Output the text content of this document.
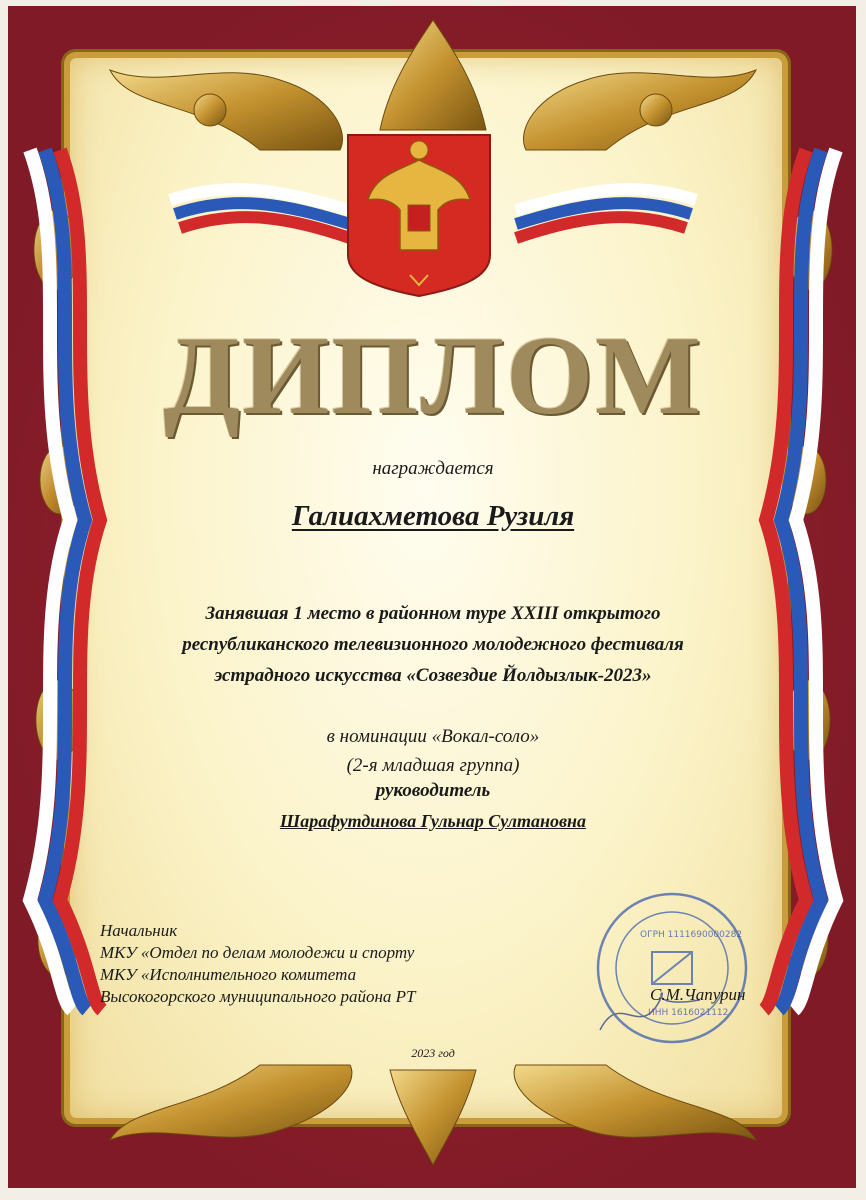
ОГРН 1111690000282
ИНН 1616021112
ДИПЛОМ
награждается
Галиахметова Рузиля
Занявшая 1 место в районном туре XXIII открытого
республиканского телевизионного молодежного фестиваля
эстрадного искусства «Созвездие Йолдызлык-2023»
в номинации «Вокал-соло»
(2-я младшая группа)
руководитель
Шарафутдинова Гульнар Султановна
Начальник
МКУ «Отдел по делам молодежи и спорту
МКУ «Исполнительного комитета
Высокогорского муниципального района РТ	С.М.Чапурин
2023 год
